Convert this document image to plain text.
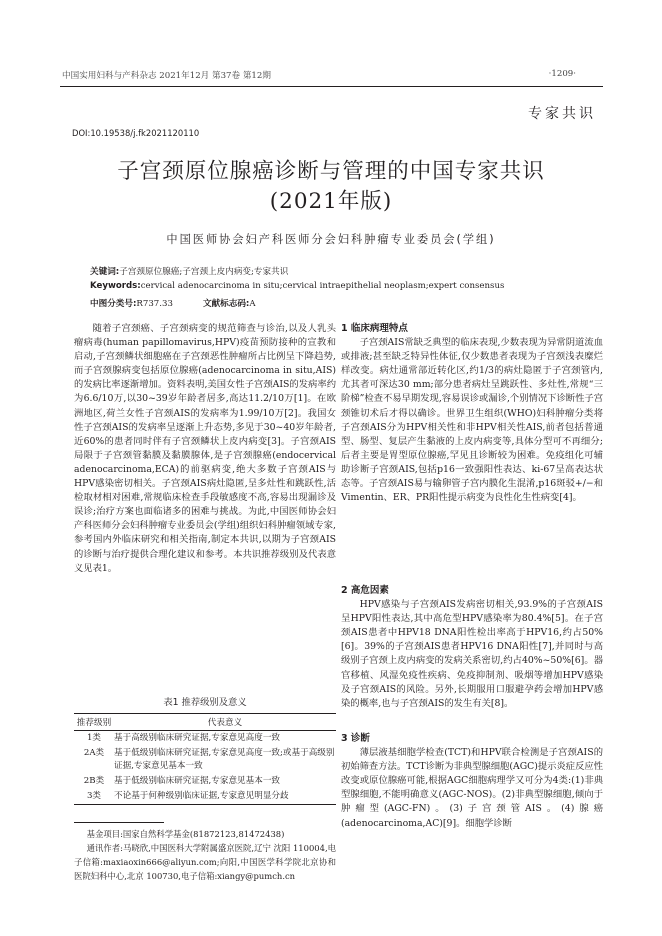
中国实用妇科与产科杂志 2021年12月 第37卷 第12期	·1209·
专家共识
DOI:10.19538/j.fk2021120110
子宫颈原位腺癌诊断与管理的中国专家共识
(2021年版)
中国医师协会妇产科医师分会妇科肿瘤专业委员会(学组)
关键词:子宫颈原位腺癌;子宫颈上皮内病变;专家共识
Keywords:cervical adenocarcinoma in situ;cervical intraepithelial neoplasm;expert consensus
中图分类号:R737.33	文献标志码:A
随着子宫颈癌、子宫颈病变的规范筛查与诊治,以及人乳头瘤病毒(human papillomavirus,HPV)疫苗预防接种的宣教和启动,子宫颈鳞状细胞癌在子宫颈恶性肿瘤所占比例呈下降趋势,而子宫颈腺病变包括原位腺癌(adenocarcinoma in situ,AIS)的发病比率逐渐增加。资料表明,美国女性子宫颈AIS的发病率约为6.6/10万,以30~39岁年龄者居多,高达11.2/10万[1]。在欧洲地区,荷兰女性子宫颈AIS的发病率为1.99/10万[2]。我国女性子宫颈AIS的发病率呈逐渐上升态势,多见于30~40岁年龄者,近60%的患者同时伴有子宫颈鳞状上皮内病变[3]。子宫颈AIS局限于子宫颈管黏膜及黏膜腺体,是子宫颈腺癌(endocervical adenocarcinoma,ECA)的前驱病变,绝大多数子宫颈AIS与HPV感染密切相关。子宫颈AIS病灶隐匿,呈多灶性和跳跃性,活检取材相对困难,常规临床检查手段敏感度不高,容易出现漏诊及误诊;治疗方案也面临诸多的困难与挑战。为此,中国医师协会妇产科医师分会妇科肿瘤专业委员会(学组)组织妇科肿瘤领域专家,参考国内外临床研究和相关指南,制定本共识,以期为子宫颈AIS的诊断与治疗提供合理化建议和参考。本共识推荐级别及代表意义见表1。
表1 推荐级别及意义
推荐级别	代表意义
1类	基于高级别临床研究证据,专家意见高度一致
2A类	基于低级别临床研究证据,专家意见高度一致;或基于高级别证据,专家意见基本一致
2B类	基于低级别临床研究证据,专家意见基本一致
3类	不论基于何种级别临床证据,专家意见明显分歧
基金项目:国家自然科学基金(81872123,81472438)
通讯作者:马晓欣,中国医科大学附属盛京医院,辽宁 沈阳 110004,电子信箱:maxiaoxin666@aliyun.com;向阳,中国医学科学院北京协和医院妇科中心,北京 100730,电子信箱:xiangy@pumch.cn
1 临床病理特点
子宫颈AIS常缺乏典型的临床表现,少数表现为异常阴道流血或排液;甚至缺乏特异性体征,仅少数患者表现为子宫颈浅表糜烂样改变。病灶通常部近转化区,约1/3的病灶隐匿于子宫颈管内,尤其者可深达30 mm;部分患者病灶呈跳跃性、多灶性,常规“三阶梯”检查不易早期发现,容易误诊或漏诊,个别情况下诊断性子宫颈锥切术后才得以确诊。世界卫生组织(WHO)妇科肿瘤分类将子宫颈AIS分为HPV相关性和非HPV相关性AIS,前者包括普通型、肠型、复层产生黏液的上皮内病变等,具体分型可不再细分;后者主要是胃型原位腺癌,罕见且诊断较为困难。免疫组化可辅助诊断子宫颈AIS,包括p16一致强阳性表达、ki-67呈高表达状态等。子宫颈AIS易与输卵管子宫内膜化生混淆,p16斑驳+/−和Vimentin、ER、PR阳性提示病变为良性化生性病变[4]。
2 高危因素
HPV感染与子宫颈AIS发病密切相关,93.9%的子宫颈AIS呈HPV阳性表达,其中高危型HPV感染率为80.4%[5]。在子宫颈AIS患者中HPV18 DNA阳性检出率高于HPV16,约占50%[6]。39%的子宫颈AIS患者HPV16 DNA阳性[7],并同时与高级别子宫颈上皮内病变的发病关系密切,约占40%~50%[6]。器官移植、风湿免疫性疾病、免疫抑制剂、吸烟等增加HPV感染及子宫颈AIS的风险。另外,长期服用口服避孕药会增加HPV感染的概率,也与子宫颈AIS的发生有关[8]。
3 诊断
薄层液基细胞学检查(TCT)和HPV联合检测是子宫颈AIS的初始筛查方法。TCT诊断为非典型腺细胞(AGC)提示炎症反应性改变或原位腺癌可能,根据AGC细胞病理学又可分为4类:(1)非典型腺细胞,不能明确意义(AGC-NOS)。(2)非典型腺细胞,倾向于肿瘤型(AGC-FN)。(3)子宫颈管AIS。(4)腺癌(adenocarcinoma,AC)[9]。细胞学诊断
